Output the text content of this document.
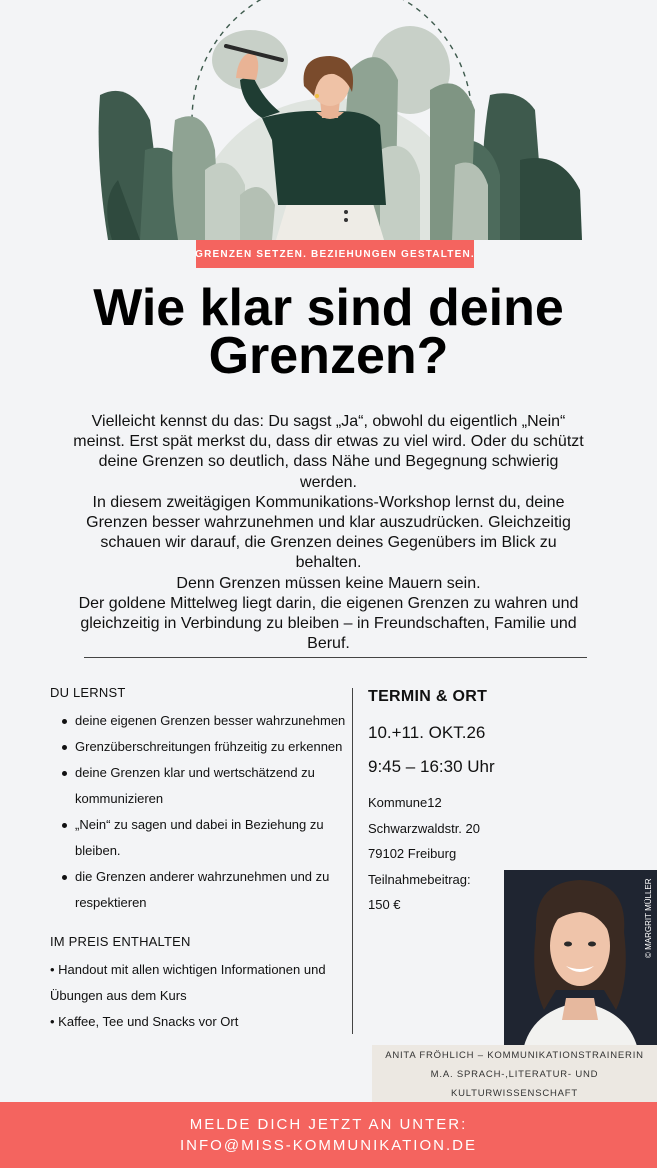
GRENZEN SETZEN. BEZIEHUNGEN GESTALTEN.
Wie klar sind deine Grenzen?

Vielleicht kennst du das: Du sagst „Ja“, obwohl du eigentlich „Nein“ meinst. Erst spät merkst du, dass dir etwas zu viel wird. Oder du schützt deine Grenzen so deutlich, dass Nähe und Begegnung schwierig werden.

In diesem zweitägigen Kommunikations-Workshop lernst du, deine Grenzen besser wahrzunehmen und klar auszudrücken. Gleichzeitig schauen wir darauf, die Grenzen deines Gegenübers im Blick zu behalten.

Denn Grenzen müssen keine Mauern sein.

Der goldene Mittelweg liegt darin, die eigenen Grenzen zu wahren und gleichzeitig in Verbindung zu bleiben – in Freundschaften, Familie und Beruf.

DU LERNST
deine eigenen Grenzen besser wahrzunehmen
Grenzüberschreitungen frühzeitig zu erkennen
deine Grenzen klar und wertschätzend zu kommunizieren
„Nein“ zu sagen und dabei in Beziehung zu bleiben.
die Grenzen anderer wahrzunehmen und zu respektieren
IM PREIS ENTHALTEN

• Handout mit allen wichtigen Informationen und Übungen aus dem Kurs

• Kaffee, Tee und Snacks vor Ort

TERMIN & ORT

10.+11. OKT.26

9:45 – 16:30 Uhr

Kommune12

Schwarzwaldstr. 20

79102 Freiburg

Teilnahmebeitrag:

150 €	© MARGRIT MÜLLER
ANITA FRÖHLICH – KOMMUNIKATIONSTRAINERIN
M.A. SPRACH-,LITERATUR- UND
KULTURWISSENSCHAFT
MELDE DICH JETZT AN UNTER:
INFO@MISS-KOMMUNIKATION.DE
